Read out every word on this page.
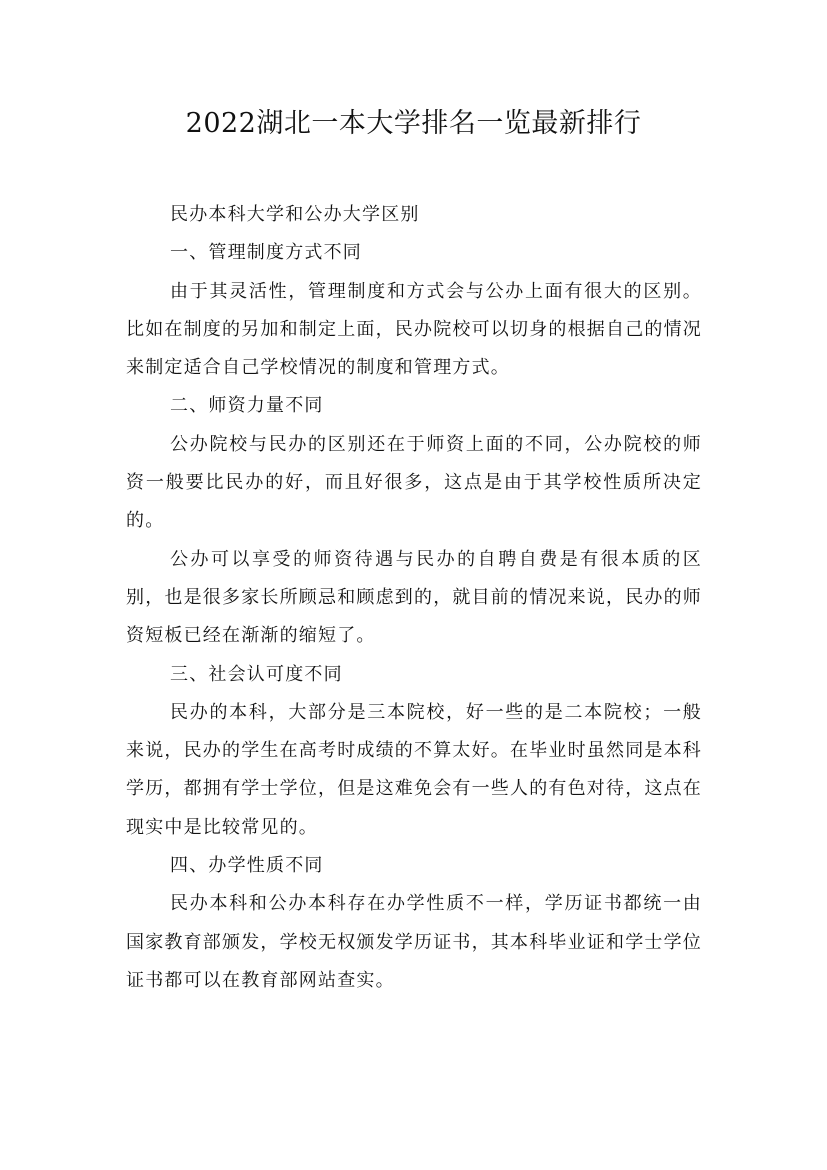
2022湖北一本大学排名一览最新排行

民办本科大学和公办大学区别

一、管理制度方式不同

由于其灵活性，管理制度和方式会与公办上面有很大的区别。比如在制度的另加和制定上面，民办院校可以切身的根据自己的情况来制定适合自己学校情况的制度和管理方式。

二、师资力量不同

公办院校与民办的区别还在于师资上面的不同，公办院校的师资一般要比民办的好，而且好很多，这点是由于其学校性质所决定的。

公办可以享受的师资待遇与民办的自聘自费是有很本质的区别，也是很多家长所顾忌和顾虑到的，就目前的情况来说，民办的师资短板已经在渐渐的缩短了。

三、社会认可度不同

民办的本科，大部分是三本院校，好一些的是二本院校；一般来说，民办的学生在高考时成绩的不算太好。在毕业时虽然同是本科学历，都拥有学士学位，但是这难免会有一些人的有色对待，这点在现实中是比较常见的。

四、办学性质不同

民办本科和公办本科存在办学性质不一样，学历证书都统一由国家教育部颁发，学校无权颁发学历证书，其本科毕业证和学士学位证书都可以在教育部网站查实。
